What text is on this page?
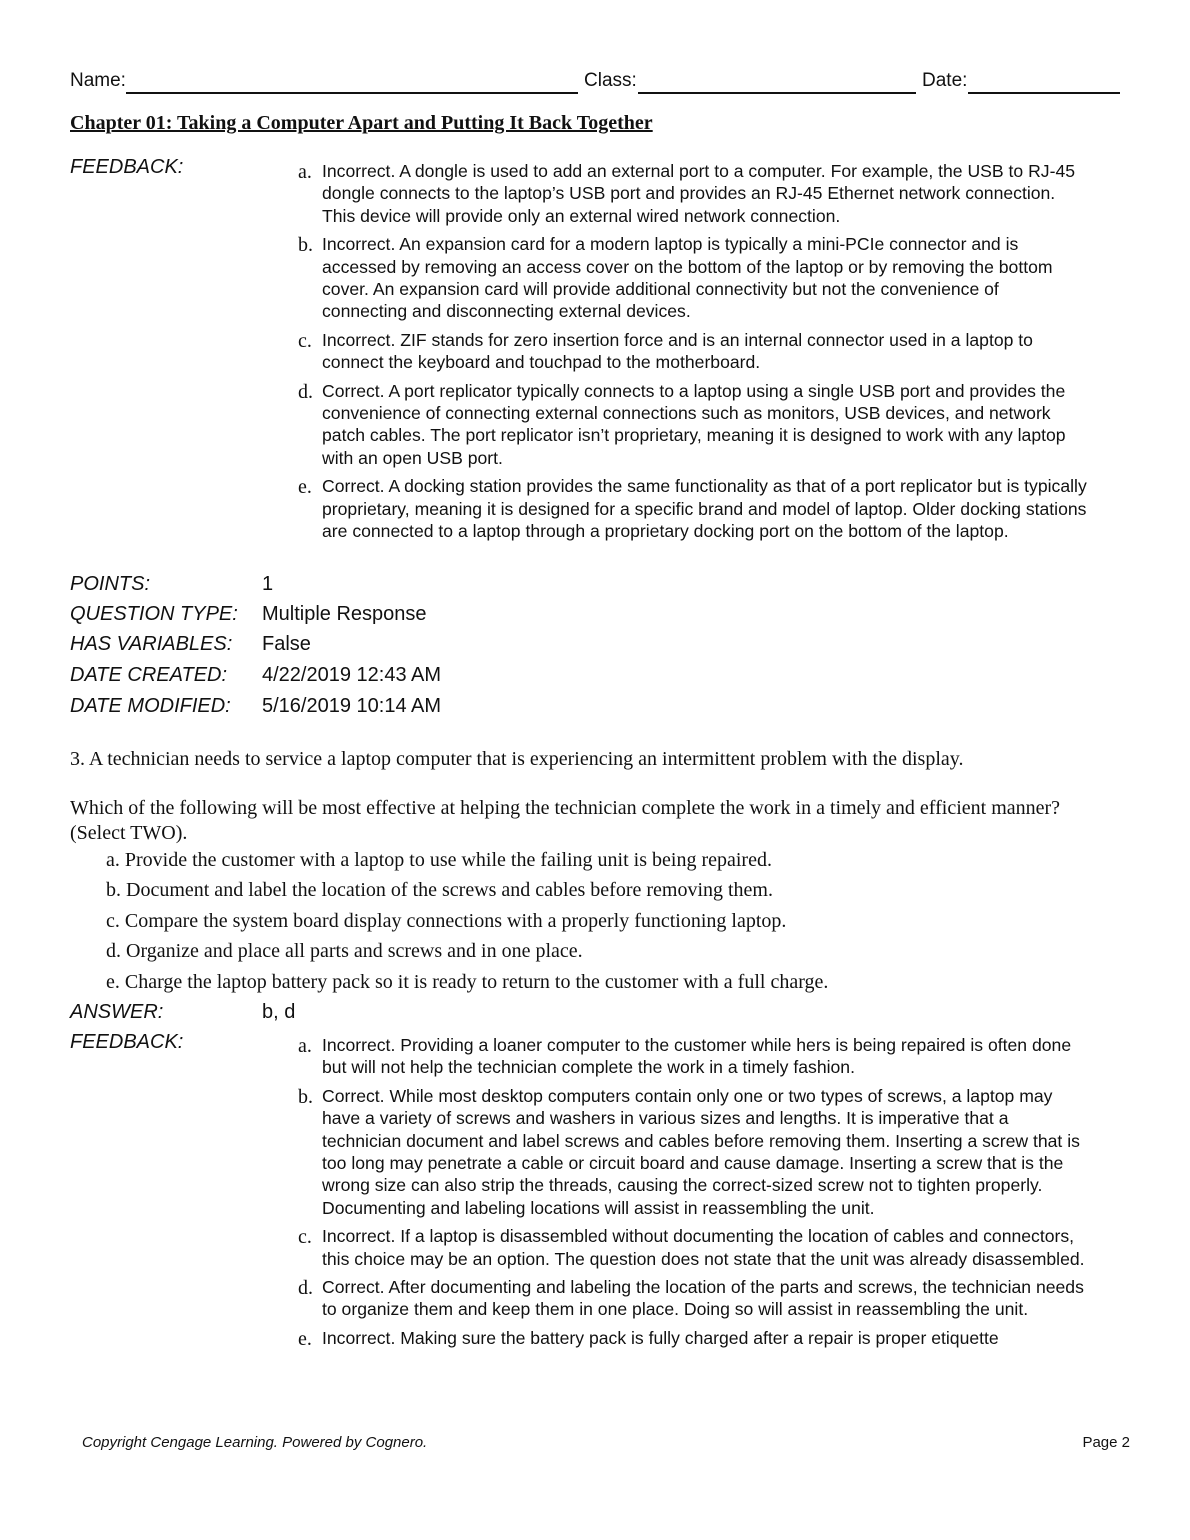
Name:	Class:	Date:
Chapter 01: Taking a Computer Apart and Putting It Back Together
FEEDBACK:	a. Incorrect. A dongle is used to add an external port to a computer. For example, the USB to RJ-45 dongle connects to the laptop’s USB port and provides an RJ-45 Ethernet network connection. This device will provide only an external wired network connection.
b. Incorrect. An expansion card for a modern laptop is typically a mini-PCIe connector and is accessed by removing an access cover on the bottom of the laptop or by removing the bottom cover. An expansion card will provide additional connectivity but not the convenience of connecting and disconnecting external devices.
c. Incorrect. ZIF stands for zero insertion force and is an internal connector used in a laptop to connect the keyboard and touchpad to the motherboard.
d. Correct. A port replicator typically connects to a laptop using a single USB port and provides the convenience of connecting external connections such as monitors, USB devices, and network patch cables. The port replicator isn’t proprietary, meaning it is designed to work with any laptop with an open USB port.
e. Correct. A docking station provides the same functionality as that of a port replicator but is typically proprietary, meaning it is designed for a specific brand and model of laptop. Older docking stations are connected to a laptop through a proprietary docking port on the bottom of the laptop.
POINTS:	1
QUESTION TYPE: Multiple Response
HAS VARIABLES: False
DATE CREATED: 4/22/2019 12:43 AM
DATE MODIFIED: 5/16/2019 10:14 AM
3. A technician needs to service a laptop computer that is experiencing an intermittent problem with the display.
Which of the following will be most effective at helping the technician complete the work in a timely and efficient manner? (Select TWO).
a. Provide the customer with a laptop to use while the failing unit is being repaired.
b. Document and label the location of the screws and cables before removing them.
c. Compare the system board display connections with a properly functioning laptop.
d. Organize and place all parts and screws and in one place.
e. Charge the laptop battery pack so it is ready to return to the customer with a full charge.
ANSWER:	b, d
FEEDBACK:	a. Incorrect. Providing a loaner computer to the customer while hers is being repaired is often done but will not help the technician complete the work in a timely fashion.
b. Correct. While most desktop computers contain only one or two types of screws, a laptop may have a variety of screws and washers in various sizes and lengths. It is imperative that a technician document and label screws and cables before removing them. Inserting a screw that is too long may penetrate a cable or circuit board and cause damage. Inserting a screw that is the wrong size can also strip the threads, causing the correct-sized screw not to tighten properly. Documenting and labeling locations will assist in reassembling the unit.
c. Incorrect. If a laptop is disassembled without documenting the location of cables and connectors, this choice may be an option. The question does not state that the unit was already disassembled.
d. Correct. After documenting and labeling the location of the parts and screws, the technician needs to organize them and keep them in one place. Doing so will assist in reassembling the unit.
e. Incorrect. Making sure the battery pack is fully charged after a repair is proper etiquette
Copyright Cengage Learning. Powered by Cognero.	Page 2
